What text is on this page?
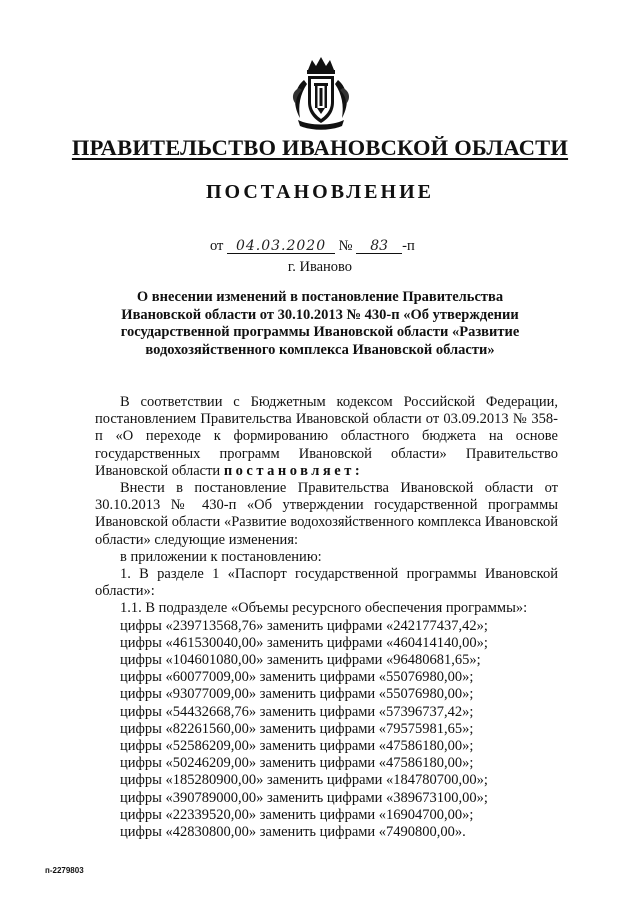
ПРАВИТЕЛЬСТВО ИВАНОВСКОЙ ОБЛАСТИ
ПОСТАНОВЛЕНИЕ
от 04.03.2020 № 83 -п
г. Иваново
О внесении изменений в постановление Правительства
Ивановской области от 30.10.2013 № 430-п «Об утверждении
государственной программы Ивановской области «Развитие
водохозяйственного комплекса Ивановской области»

В соответствии с Бюджетным кодексом Российской Федерации, постановлением Правительства Ивановской области от 03.09.2013 № 358-п «О переходе к формированию областного бюджета на основе государственных программ Ивановской области» Правительство Ивановской области постановляет:

Внести в постановление Правительства Ивановской области от 30.10.2013 № 430-п «Об утверждении государственной программы Ивановской области «Развитие водохозяйственного комплекса Ивановской области» следующие изменения:

в приложении к постановлению:

1. В разделе 1 «Паспорт государственной программы Ивановской области»:

1.1. В подразделе «Объемы ресурсного обеспечения программы»:

цифры «239713568,76» заменить цифрами «242177437,42»;

цифры «461530040,00» заменить цифрами «460414140,00»;

цифры «104601080,00» заменить цифрами «96480681,65»;

цифры «60077009,00» заменить цифрами «55076980,00»;

цифры «93077009,00» заменить цифрами «55076980,00»;

цифры «54432668,76» заменить цифрами «57396737,42»;

цифры «82261560,00» заменить цифрами «79575981,65»;

цифры «52586209,00» заменить цифрами «47586180,00»;

цифры «50246209,00» заменить цифрами «47586180,00»;

цифры «185280900,00» заменить цифрами «184780700,00»;

цифры «390789000,00» заменить цифрами «389673100,00»;

цифры «22339520,00» заменить цифрами «16904700,00»;

цифры «42830800,00» заменить цифрами «7490800,00».

п-2279803
